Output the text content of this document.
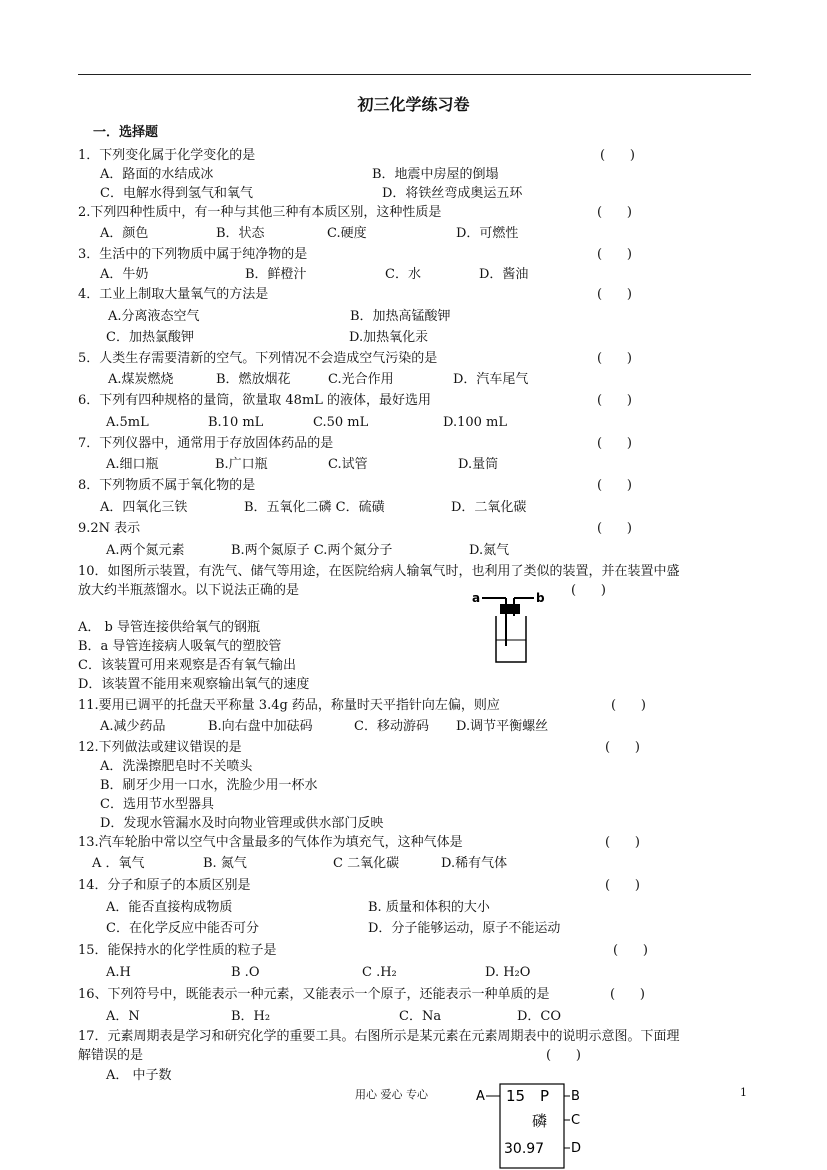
初三化学练习卷
一．选择题
1．下列变化属于化学变化的是	(      )
A．路面的水结成冰	B．地震中房屋的倒塌
C．电解水得到氢气和氧气	D．将铁丝弯成奥运五环
2.下列四种性质中，有一种与其他三种有本质区别，这种性质是	(      )
A．颜色	B．状态	C.硬度	D．可燃性
3．生活中的下列物质中属于纯净物的是	(      )
A．牛奶	B．鲜橙汁	C．水	D．酱油
4．工业上制取大量氧气的方法是	(      )
A.分离液态空气	B．加热高锰酸钾
C．加热氯酸钾	D.加热氧化汞
5．人类生存需要清新的空气。下列情况不会造成空气污染的是	(      )
A.煤炭燃烧	B．燃放烟花	C.光合作用	D．汽车尾气
6．下列有四种规格的量筒，欲量取 48mL 的液体，最好选用	(      )
A.5mL	B.10 mL	C.50 mL	D.100 mL
7．下列仪器中，通常用于存放固体药品的是	(      )
A.细口瓶	B.广口瓶	C.试管	D.量筒
8．下列物质不属于氧化物的是	(      )
A．四氧化三铁	B．五氧化二磷 C．硫磺	D．二氧化碳
9.2N 表示	(      )
A.两个氮元素	B.两个氮原子 C.两个氮分子	D.氮气
10．如图所示装置，有洗气、储气等用途，在医院给病人输氧气时，也利用了类似的装置，并在装置中盛
放大约半瓶蒸馏水。以下说法正确的是	(      )
A． b 导管连接供给氧气的钢瓶
B．a 导管连接病人吸氧气的塑胶管
C．该装置可用来观察是否有氧气输出
D．该装置不能用来观察输出氧气的速度
11.要用已调平的托盘天平称量 3.4g 药品，称量时天平指针向左偏，则应	(      )
A.减少药品	B.向右盘中加砝码	C．移动游码 D.调节平衡螺丝
12.下列做法或建议错误的是	(      )
A．洗澡擦肥皂时不关喷头
B．刷牙少用一口水，洗脸少用一杯水
C．选用节水型器具
D．发现水管漏水及时向物业管理或供水部门反映
13.汽车轮胎中常以空气中含量最多的气体作为填充气，这种气体是	(      )
A ．氧气	B. 氮气	C 二氧化碳	D.稀有气体
14．分子和原子的本质区别是	(      )
A．能否直接构成物质	B. 质量和体积的大小
C．在化学反应中能否可分	D．分子能够运动，原子不能运动
15．能保持水的化学性质的粒子是	(      )
A.H	B .O	C .H₂	D. H₂O
16、下列符号中，既能表示一种元素，又能表示一个原子，还能表示一种单质的是	(      )
A．N	B．H₂	C．Na	D．CO
17．元素周期表是学习和研究化学的重要工具。右图所示是某元素在元素周期表中的说明示意图。下面理
解错误的是	(      )
A． 中子数
a	b
A 15 P B
磷 C
30.97 D
用心 爱心 专心	1
